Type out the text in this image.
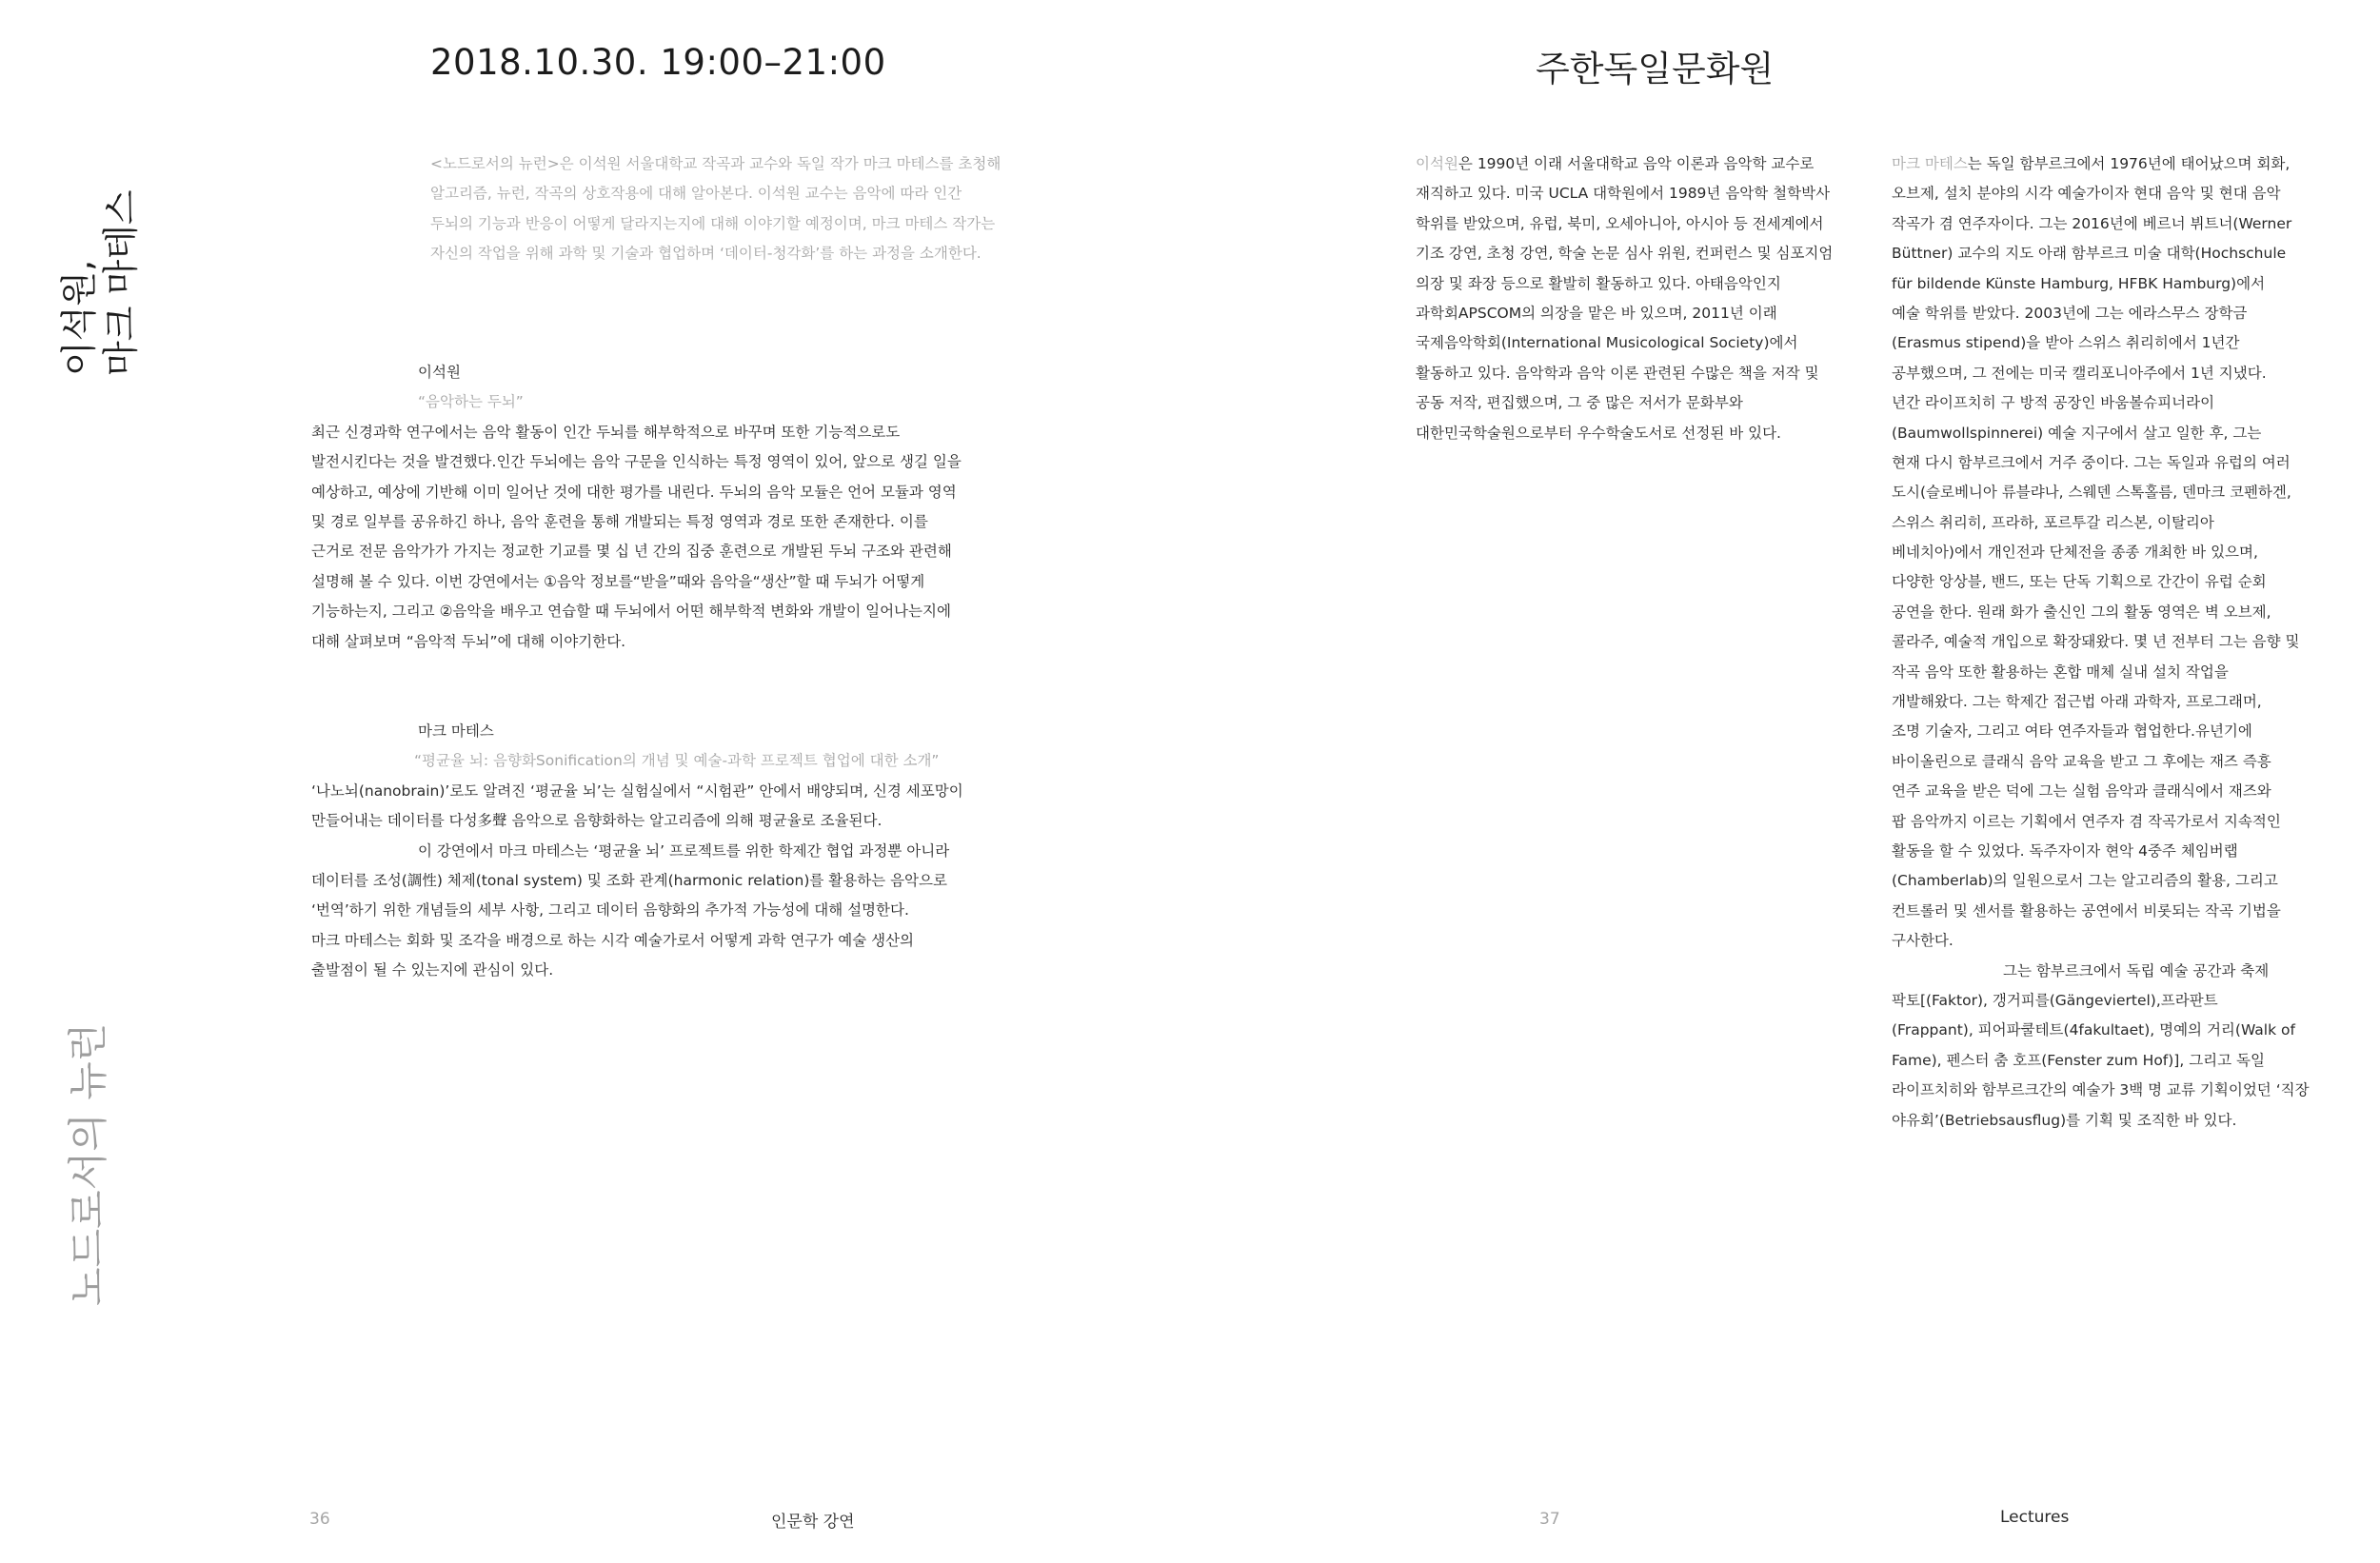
2018.10.30. 19:00–21:00	주한독일문화원
이석원, 마크 마테스
노드로서의 뉴런
<노드로서의 뉴런>은 이석원 서울대학교 작곡과 교수와 독일 작가 마크 마테스를 초청해
알고리즘, 뉴런, 작곡의 상호작용에 대해 알아본다. 이석원 교수는 음악에 따라 인간
두뇌의 기능과 반응이 어떻게 달라지는지에 대해 이야기할 예정이며, 마크 마테스 작가는
자신의 작업을 위해 과학 및 기술과 협업하며 ‘데이터-청각화’를 하는 과정을 소개한다.
이석원
“음악하는 두뇌”
최근 신경과학 연구에서는 음악 활동이 인간 두뇌를 해부학적으로 바꾸며 또한 기능적으로도
발전시킨다는 것을 발견했다.인간 두뇌에는 음악 구문을 인식하는 특정 영역이 있어, 앞으로 생길 일을
예상하고, 예상에 기반해 이미 일어난 것에 대한 평가를 내린다. 두뇌의 음악 모듈은 언어 모듈과 영역
및 경로 일부를 공유하긴 하나, 음악 훈련을 통해 개발되는 특정 영역과 경로 또한 존재한다. 이를
근거로 전문 음악가가 가지는 정교한 기교를 몇 십 년 간의 집중 훈련으로 개발된 두뇌 구조와 관련해
설명해 볼 수 있다. 이번 강연에서는 ①음악 정보를“받을”때와 음악을“생산”할 때 두뇌가 어떻게
기능하는지, 그리고 ②음악을 배우고 연습할 때 두뇌에서 어떤 해부학적 변화와 개발이 일어나는지에
대해 살펴보며 “음악적 두뇌”에 대해 이야기한다.
마크 마테스
“평균율 뇌: 음향화Sonification의 개념 및 예술-과학 프로젝트 협업에 대한 소개”
‘나노뇌(nanobrain)’로도 알려진 ‘평균율 뇌’는 실험실에서 “시험관” 안에서 배양되며, 신경 세포망이
만들어내는 데이터를 다성多聲 음악으로 음향화하는 알고리즘에 의해 평균율로 조율된다.
이 강연에서 마크 마테스는 ‘평균율 뇌’ 프로젝트를 위한 학제간 협업 과정뿐 아니라
데이터를 조성(調性) 체제(tonal system) 및 조화 관계(harmonic relation)를 활용하는 음악으로
‘번역’하기 위한 개념들의 세부 사항, 그리고 데이터 음향화의 추가적 가능성에 대해 설명한다.
마크 마테스는 회화 및 조각을 배경으로 하는 시각 예술가로서 어떻게 과학 연구가 예술 생산의
출발점이 될 수 있는지에 관심이 있다.
이석원은 1990년 이래 서울대학교 음악 이론과 음악학 교수로
재직하고 있다. 미국 UCLA 대학원에서 1989년 음악학 철학박사
학위를 받았으며, 유럽, 북미, 오세아니아, 아시아 등 전세계에서
기조 강연, 초청 강연, 학술 논문 심사 위원, 컨퍼런스 및 심포지엄
의장 및 좌장 등으로 활발히 활동하고 있다. 아태음악인지
과학회APSCOM의 의장을 맡은 바 있으며, 2011년 이래
국제음악학회(International Musicological Society)에서
활동하고 있다. 음악학과 음악 이론 관련된 수많은 책을 저작 및
공동 저작, 편집했으며, 그 중 많은 저서가 문화부와
대한민국학술원으로부터 우수학술도서로 선정된 바 있다.
마크 마테스는 독일 함부르크에서 1976년에 태어났으며 회화,
오브제, 설치 분야의 시각 예술가이자 현대 음악 및 현대 음악
작곡가 겸 연주자이다. 그는 2016년에 베르너 뷔트너(Werner
Büttner) 교수의 지도 아래 함부르크 미술 대학(Hochschule
für bildende Künste Hamburg, HFBK Hamburg)에서
예술 학위를 받았다. 2003년에 그는 에라스무스 장학금
(Erasmus stipend)을 받아 스위스 취리히에서 1년간
공부했으며, 그 전에는 미국 캘리포니아주에서 1년 지냈다.
년간 라이프치히 구 방적 공장인 바움볼슈피너라이
(Baumwollspinnerei) 예술 지구에서 살고 일한 후, 그는
현재 다시 함부르크에서 거주 중이다. 그는 독일과 유럽의 여러
도시(슬로베니아 류블랴나, 스웨덴 스톡홀름, 덴마크 코펜하겐,
스위스 취리히, 프라하, 포르투갈 리스본, 이탈리아
베네치아)에서 개인전과 단체전을 종종 개최한 바 있으며,
다양한 앙상블, 밴드, 또는 단독 기획으로 간간이 유럽 순회
공연을 한다. 원래 화가 출신인 그의 활동 영역은 벽 오브제,
콜라주, 예술적 개입으로 확장돼왔다. 몇 년 전부터 그는 음향 및
작곡 음악 또한 활용하는 혼합 매체 실내 설치 작업을
개발해왔다. 그는 학제간 접근법 아래 과학자, 프로그래머,
조명 기술자, 그리고 여타 연주자들과 협업한다.유년기에
바이올린으로 클래식 음악 교육을 받고 그 후에는 재즈 즉흥
연주 교육을 받은 덕에 그는 실험 음악과 클래식에서 재즈와
팝 음악까지 이르는 기획에서 연주자 겸 작곡가로서 지속적인
활동을 할 수 있었다. 독주자이자 현악 4중주 체임버랩
(Chamberlab)의 일원으로서 그는 알고리즘의 활용, 그리고
컨트롤러 및 센서를 활용하는 공연에서 비롯되는 작곡 기법을
구사한다.
그는 함부르크에서 독립 예술 공간과 축제
팍토[(Faktor), 갱거피를(Gängeviertel),프라판트
(Frappant), 피어파쿨테트(4fakultaet), 명예의 거리(Walk of
Fame), 펜스터 춤 호프(Fenster zum Hof)], 그리고 독일
라이프치히와 함부르크간의 예술가 3백 명 교류 기획이었던 ‘직장
야유회’(Betriebsausflug)를 기획 및 조직한 바 있다.
36	인문학 강연	37	Lectures
